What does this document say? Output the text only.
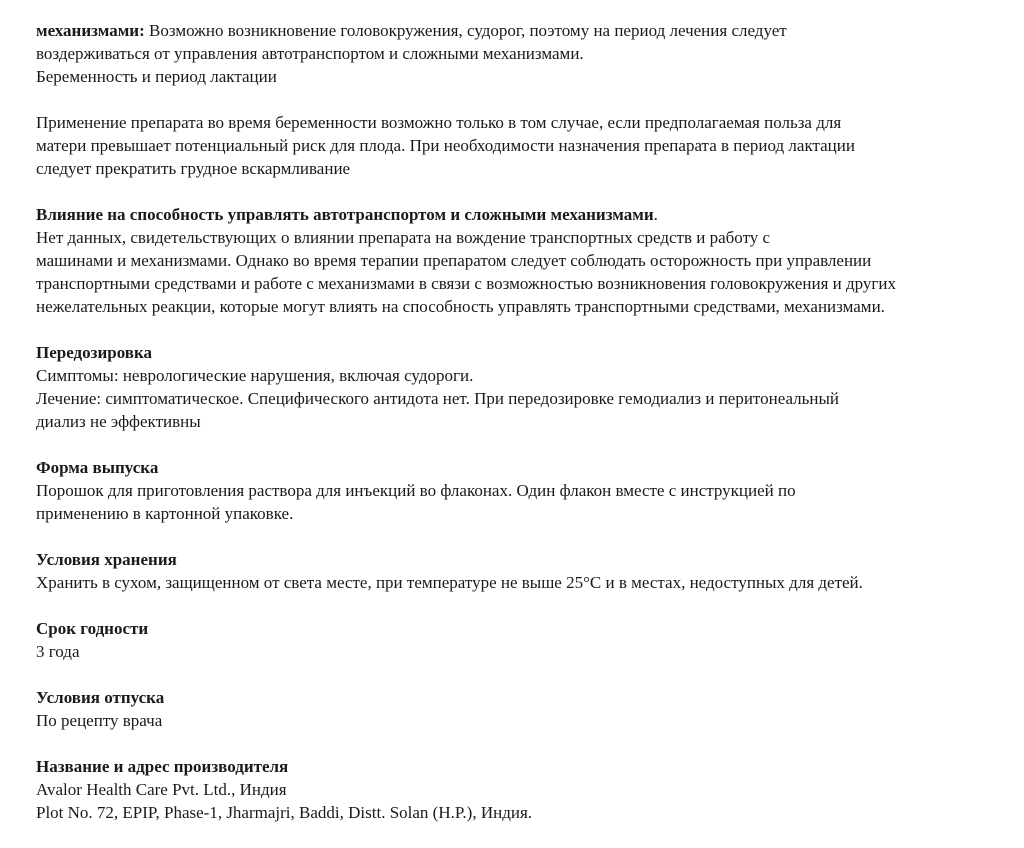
механизмами: Возможно возникновение головокружения, судорог, поэтому на период лечения следует
воздерживаться от управления автотранспортом и сложными механизмами.
Беременность и период лактации
Применение препарата во время беременности возможно только в том случае, если предполагаемая польза для
матери превышает потенциальный риск для плода. При необходимости назначения препарата в период лактации
следует прекратить грудное вскармливание
Влияние на способность управлять автотранспортом и сложными механизмами.
Нет данных, свидетельствующих о влиянии препарата на вождение транспортных средств и работу с
машинами и механизмами. Однако во время терапии препаратом следует соблюдать осторожность при управлении
транспортными средствами и работе с механизмами в связи с возможностью возникновения головокружения и других
нежелательных реакции, которые могут влиять на способность управлять транспортными средствами, механизмами.
Передозировка
Симптомы: неврологические нарушения, включая судороги.
Лечение: симптоматическое. Специфического антидота нет. При передозировке гемодиализ и перитонеальный
диализ не эффективны
Форма выпуска
Порошок для приготовления раствора для инъекций во флаконах. Один флакон вместе с инструкцией по
применению в картонной упаковке.
Условия хранения
Хранить в сухом, защищенном от света месте, при температуре не выше 25°C и в местах, недоступных для детей.
Срок годности
3 года
Условия отпуска
По рецепту врача
Название и адрес производителя
Avalor Health Care Pvt. Ltd., Индия
Plot No. 72, EPIP, Phase-1, Jharmajri, Baddi, Distt. Solan (H.P.), Индия.
